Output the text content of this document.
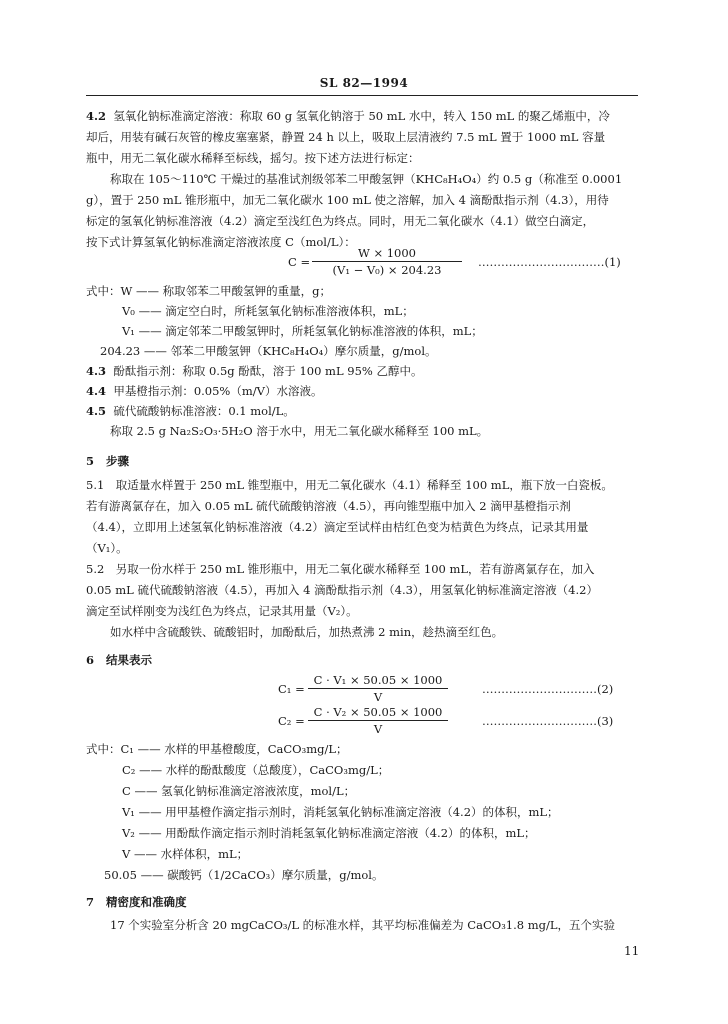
SL 82—1994
4.2 氢氧化钠标准滴定溶液：称取 60 g 氢氧化钠溶于 50 mL 水中，转入 150 mL 的聚乙烯瓶中，冷
却后，用装有碱石灰管的橡皮塞塞紧，静置 24 h 以上，吸取上层清液约 7.5 mL 置于 1000 mL 容量
瓶中，用无二氧化碳水稀释至标线，摇匀。按下述方法进行标定：
称取在 105～110℃ 干燥过的基准试剂级邻苯二甲酸氢钾（KHC₈H₄O₄）约 0.5 g（称准至 0.0001
g），置于 250 mL 锥形瓶中，加无二氧化碳水 100 mL 使之溶解，加入 4 滴酚酞指示剂（4.3），用待
标定的氢氧化钠标准溶液（4.2）滴定至浅红色为终点。同时，用无二氧化碳水（4.1）做空白滴定，
按下式计算氢氧化钠标准滴定溶液浓度 C（mol/L）：
C =
W × 1000
(V₁ − V₀) × 204.23
……………………………(1)
式中：W —— 称取邻苯二甲酸氢钾的重量，g；
V₀ —— 滴定空白时，所耗氢氧化钠标准溶液体积，mL；
V₁ —— 滴定邻苯二甲酸氢钾时，所耗氢氧化钠标准溶液的体积，mL；
204.23 —— 邻苯二甲酸氢钾（KHC₈H₄O₄）摩尔质量，g/mol。
4.3 酚酞指示剂：称取 0.5g 酚酞，溶于 100 mL 95% 乙醇中。
4.4 甲基橙指示剂：0.05%（m/V）水溶液。
4.5 硫代硫酸钠标准溶液：0.1 mol/L。
称取 2.5 g Na₂S₂O₃·5H₂O 溶于水中，用无二氧化碳水稀释至 100 mL。
5 步骤
5.1　取适量水样置于 250 mL 锥型瓶中，用无二氧化碳水（4.1）稀释至 100 mL，瓶下放一白瓷板。
若有游离氯存在，加入 0.05 mL 硫代硫酸钠溶液（4.5），再向锥型瓶中加入 2 滴甲基橙指示剂
（4.4），立即用上述氢氧化钠标准溶液（4.2）滴定至试样由桔红色变为桔黄色为终点，记录其用量
（V₁）。
5.2　另取一份水样于 250 mL 锥形瓶中，用无二氧化碳水稀释至 100 mL，若有游离氯存在，加入
0.05 mL 硫代硫酸钠溶液（4.5），再加入 4 滴酚酞指示剂（4.3），用氢氧化钠标准滴定溶液（4.2）
滴定至试样刚变为浅红色为终点，记录其用量（V₂）。
如水样中含硫酸铁、硫酸铝时，加酚酞后，加热煮沸 2 min，趁热滴至红色。
6 结果表示
C₁ =
C · V₁ × 50.05 × 1000
V
…………………………(2)
C₂ =
C · V₂ × 50.05 × 1000
V
…………………………(3)
式中：C₁ —— 水样的甲基橙酸度，CaCO₃mg/L；
C₂ —— 水样的酚酞酸度（总酸度），CaCO₃mg/L；
C —— 氢氧化钠标准滴定溶液浓度，mol/L；
V₁ —— 用甲基橙作滴定指示剂时，消耗氢氧化钠标准滴定溶液（4.2）的体积，mL；
V₂ —— 用酚酞作滴定指示剂时消耗氢氧化钠标准滴定溶液（4.2）的体积，mL；
V —— 水样体积，mL；
50.05 —— 碳酸钙（1/2CaCO₃）摩尔质量，g/mol。
7 精密度和准确度
17 个实验室分析含 20 mgCaCO₃/L 的标准水样，其平均标准偏差为 CaCO₃1.8 mg/L，五个实验
11
